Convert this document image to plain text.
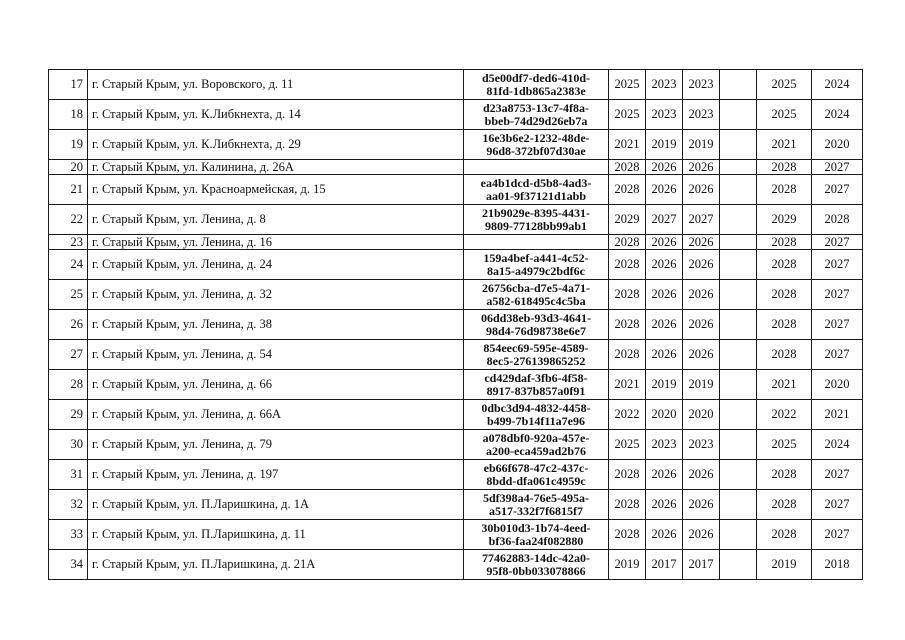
17	г. Старый Крым, ул. Воровского, д. 11	d5e00df7-ded6-410d-
81fd-1db865a2383e	2025	2023	2023		2025	2024
18	г. Старый Крым, ул. К.Либкнехта, д. 14	d23a8753-13c7-4f8a-
bbeb-74d29d26eb7a	2025	2023	2023		2025	2024
19	г. Старый Крым, ул. К.Либкнехта, д. 29	16e3b6e2-1232-48de-
96d8-372bf07d30ae	2021	2019	2019		2021	2020
20	г. Старый Крым, ул. Калинина, д. 26А		2028	2026	2026		2028	2027
21	г. Старый Крым, ул. Красноармейская, д. 15	ea4b1dcd-d5b8-4ad3-
aa01-9f37121d1abb	2028	2026	2026		2028	2027
22	г. Старый Крым, ул. Ленина, д. 8	21b9029e-8395-4431-
9809-77128bb99ab1	2029	2027	2027		2029	2028
23	г. Старый Крым, ул. Ленина, д. 16		2028	2026	2026		2028	2027
24	г. Старый Крым, ул. Ленина, д. 24	159a4bef-a441-4c52-
8a15-a4979c2bdf6c	2028	2026	2026		2028	2027
25	г. Старый Крым, ул. Ленина, д. 32	26756cba-d7e5-4a71-
a582-618495c4c5ba	2028	2026	2026		2028	2027
26	г. Старый Крым, ул. Ленина, д. 38	06dd38eb-93d3-4641-
98d4-76d98738e6e7	2028	2026	2026		2028	2027
27	г. Старый Крым, ул. Ленина, д. 54	854eec69-595e-4589-
8ec5-276139865252	2028	2026	2026		2028	2027
28	г. Старый Крым, ул. Ленина, д. 66	cd429daf-3fb6-4f58-
8917-837b857a0f91	2021	2019	2019		2021	2020
29	г. Старый Крым, ул. Ленина, д. 66А	0dbc3d94-4832-4458-
b499-7b14f11a7e96	2022	2020	2020		2022	2021
30	г. Старый Крым, ул. Ленина, д. 79	a078dbf0-920a-457e-
a200-eca459ad2b76	2025	2023	2023		2025	2024
31	г. Старый Крым, ул. Ленина, д. 197	eb66f678-47c2-437c-
8bdd-dfa061c4959c	2028	2026	2026		2028	2027
32	г. Старый Крым, ул. П.Ларишкина, д. 1А	5df398a4-76e5-495a-
a517-332f7f6815f7	2028	2026	2026		2028	2027
33	г. Старый Крым, ул. П.Ларишкина, д. 11	30b010d3-1b74-4eed-
bf36-faa24f082880	2028	2026	2026		2028	2027
34	г. Старый Крым, ул. П.Ларишкина, д. 21А	77462883-14dc-42a0-
95f8-0bb033078866	2019	2017	2017		2019	2018
